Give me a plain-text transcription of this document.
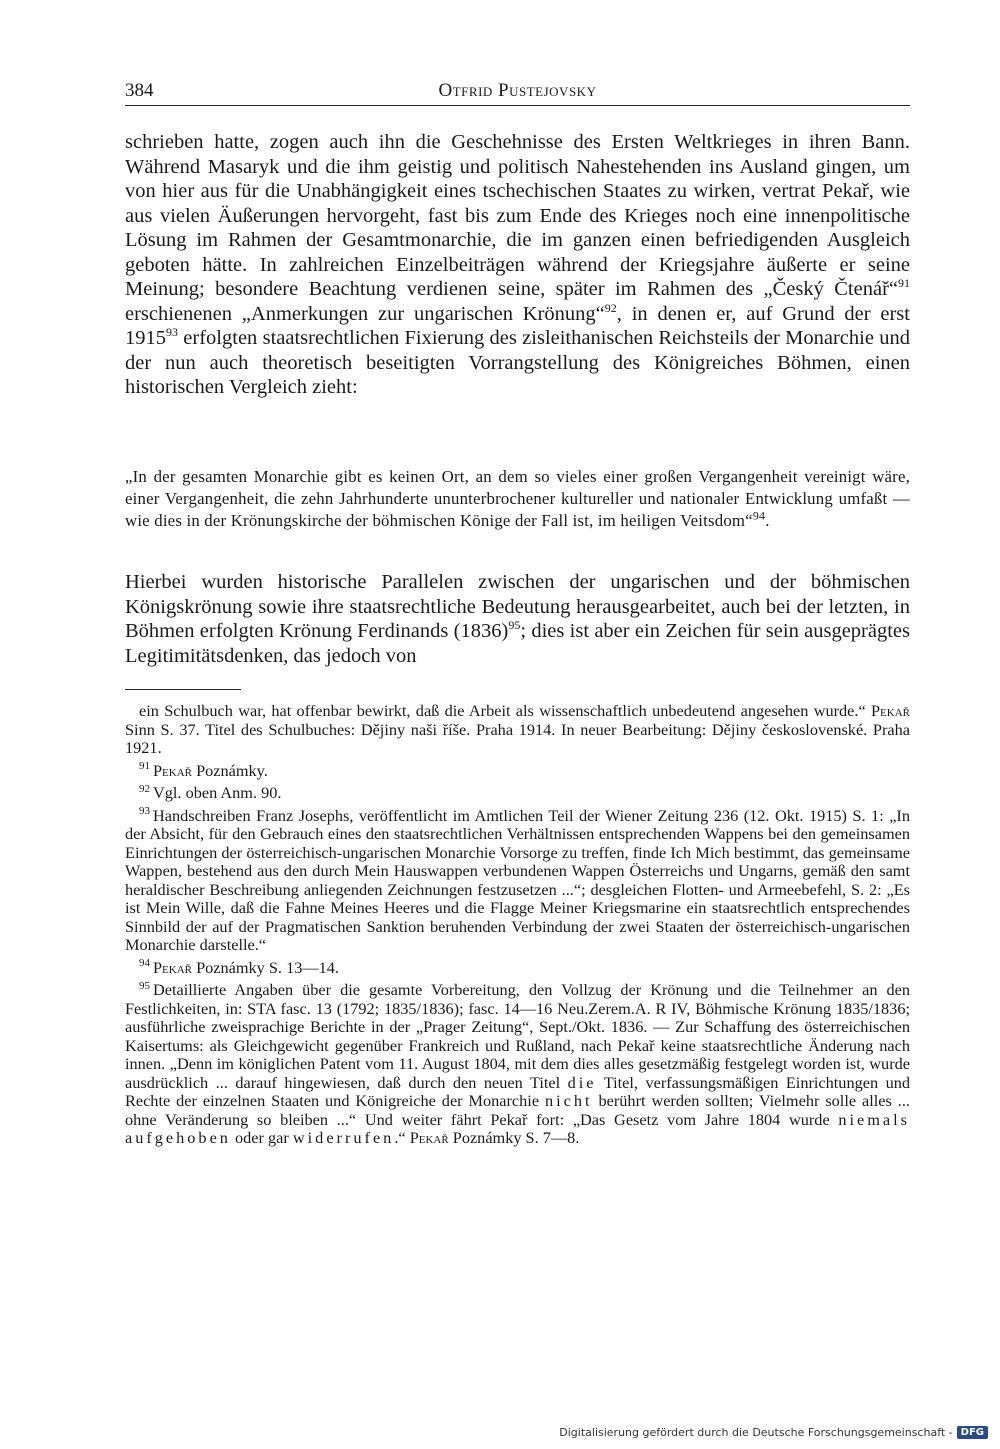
384	Otfrid Pustejovsky
schrieben hatte, zogen auch ihn die Geschehnisse des Ersten Weltkrieges in ihren Bann. Während Masaryk und die ihm geistig und politisch Nahestehenden ins Ausland gingen, um von hier aus für die Unabhängigkeit eines tschechischen Staates zu wirken, vertrat Pekař, wie aus vielen Äußerungen hervorgeht, fast bis zum Ende des Krieges noch eine innenpolitische Lösung im Rahmen der Gesamtmonarchie, die im ganzen einen befriedigenden Ausgleich geboten hätte. In zahlreichen Einzelbeiträgen während der Kriegsjahre äußerte er seine Meinung; besondere Beachtung verdienen seine, später im Rahmen des „Český Čtenář“$^{91}$ erschienenen „Anmerkungen zur ungarischen Krönung“$^{92}$, in denen er, auf Grund der erst 1915$^{93}$ erfolgten staatsrechtlichen Fixierung des zisleithanischen Reichsteils der Monarchie und der nun auch theoretisch beseitigten Vorrangstellung des Königreiches Böhmen, einen historischen Vergleich zieht:
„In der gesamten Monarchie gibt es keinen Ort, an dem so vieles einer großen Vergangenheit vereinigt wäre, einer Vergangenheit, die zehn Jahrhunderte ununterbrochener kultureller und nationaler Entwicklung umfaßt — wie dies in der Krönungskirche der böhmischen Könige der Fall ist, im heiligen Veitsdom“$^{94}$.
Hierbei wurden historische Parallelen zwischen der ungarischen und der böhmischen Königskrönung sowie ihre staatsrechtliche Bedeutung herausgearbeitet, auch bei der letzten, in Böhmen erfolgten Krönung Ferdinands $(1836)^{95}$; dies ist aber ein Zeichen für sein ausgeprägtes Legitimitätsdenken, das jedoch von

ein Schulbuch war, hat offenbar bewirkt, daß die Arbeit als wissenschaftlich unbedeutend angesehen wurde.“ Pekař Sinn S. 37. Titel des Schulbuches: Dějiny naši říše. Praha 1914. In neuer Bearbeitung: Dějiny československé. Praha 1921.

$^{91}$ Pekař Poznámky.

$^{92}$ Vgl. oben Anm. 90.

$^{93}$ Handschreiben Franz Josephs, veröffentlicht im Amtlichen Teil der Wiener Zeitung 236 (12. Okt. 1915) S. 1: „In der Absicht, für den Gebrauch eines den staatsrechtlichen Verhältnissen entsprechenden Wappens bei den gemeinsamen Einrichtungen der österreichisch-ungarischen Monarchie Vorsorge zu treffen, finde Ich Mich bestimmt, das gemeinsame Wappen, bestehend aus den durch Mein Hauswappen verbundenen Wappen Österreichs und Ungarns, gemäß den samt heraldischer Beschreibung anliegenden Zeichnungen festzusetzen ...“; desgleichen Flotten- und Armeebefehl, S. 2: „Es ist Mein Wille, daß die Fahne Meines Heeres und die Flagge Meiner Kriegsmarine ein staatsrechtlich entsprechendes Sinnbild der auf der Pragmatischen Sanktion beruhenden Verbindung der zwei Staaten der österreichisch-ungarischen Monarchie darstelle.“

$^{94}$ Pekař Poznámky S. 13—14.

$^{95}$ Detaillierte Angaben über die gesamte Vorbereitung, den Vollzug der Krönung und die Teilnehmer an den Festlichkeiten, in: STA fasc. 13 (1792; 1835/1836); fasc. 14—16 Neu.Zerem.A. R IV, Böhmische Krönung 1835/1836; ausführliche zweisprachige Berichte in der „Prager Zeitung“, Sept./Okt. 1836. — Zur Schaffung des österreichischen Kaisertums: als Gleichgewicht gegenüber Frankreich und Rußland, nach Pekař keine staatsrechtliche Änderung nach innen. „Denn im königlichen Patent vom 11. August 1804, mit dem dies alles gesetzmäßig festgelegt worden ist, wurde ausdrücklich ... darauf hingewiesen, daß durch den neuen Titel die Titel, verfassungsmäßigen Einrichtungen und Rechte der einzelnen Staaten und Königreiche der Monarchie nicht berührt werden sollten; Vielmehr solle alles ... ohne Veränderung so bleiben ...“ Und weiter fährt Pekař fort: „Das Gesetz vom Jahre 1804 wurde niemals aufgehoben oder gar widerrufen.“ Pekař Poznámky S. 7—8.

Digitalisierung gefördert durch die Deutsche Forschungsgemeinschaft - DFG
